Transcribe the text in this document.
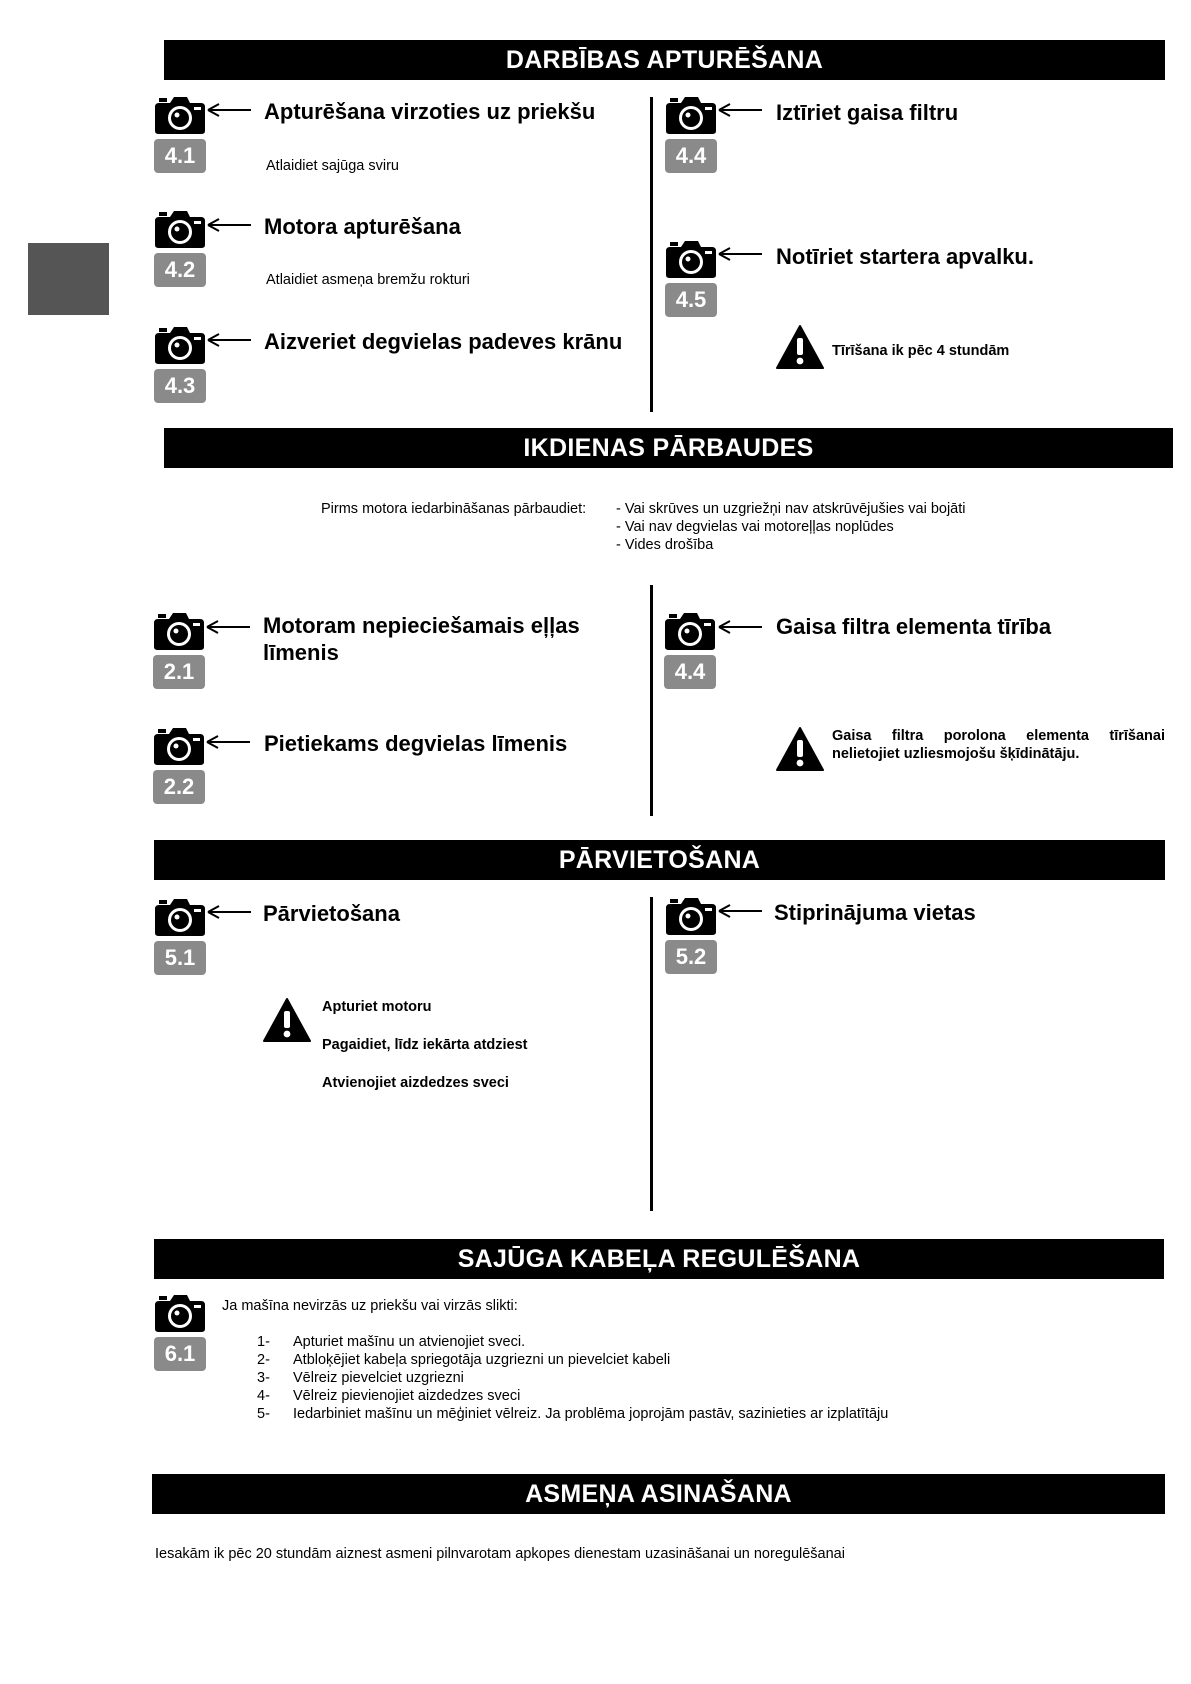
DARBĪBAS APTURĒŠANA
4.1
Apturēšana virzoties uz priekšu
Atlaidiet sajūga sviru
4.2
Motora apturēšana
Atlaidiet asmeņa bremžu rokturi
4.3
Aizveriet degvielas padeves krānu
4.4
Iztīriet gaisa filtru
4.5
Notīriet startera apvalku.
Tīrīšana ik pēc 4 stundām
IKDIENAS PĀRBAUDES
Pirms motora iedarbināšanas pārbaudiet: - Vai skrūves un uzgriežņi nav atskrūvējušies vai bojāti
- Vai nav degvielas vai motoreļļas noplūdes
- Vides drošība
2.1
Motoram nepieciešamais eļļas
līmenis
2.2
Pietiekams degvielas līmenis
4.4
Gaisa filtra elementa tīrība
Gaisa filtra porolona elementa tīrīšanai
nelietojiet uzliesmojošu šķīdinātāju.
PĀRVIETOŠANA
5.1
Pārvietošana
Apturiet motoru
Pagaidiet, līdz iekārta atdziest
Atvienojiet aizdedzes sveci
5.2
Stiprinājuma vietas
SAJŪGA KABEĻA REGULĒŠANA
6.1
Ja mašīna nevirzās uz priekšu vai virzās slikti:
1- Apturiet mašīnu un atvienojiet sveci.
2- Atbloķējiet kabeļa spriegotāja uzgriezni un pievelciet kabeli
3- Vēlreiz pievelciet uzgriezni
4- Vēlreiz pievienojiet aizdedzes sveci
5- Iedarbiniet mašīnu un mēģiniet vēlreiz. Ja problēma joprojām pastāv, sazinieties ar izplatītāju
ASMEŅA ASINAŠANA
Iesakām ik pēc 20 stundām aiznest asmeni pilnvarotam apkopes dienestam uzasināšanai un noregulēšanai
